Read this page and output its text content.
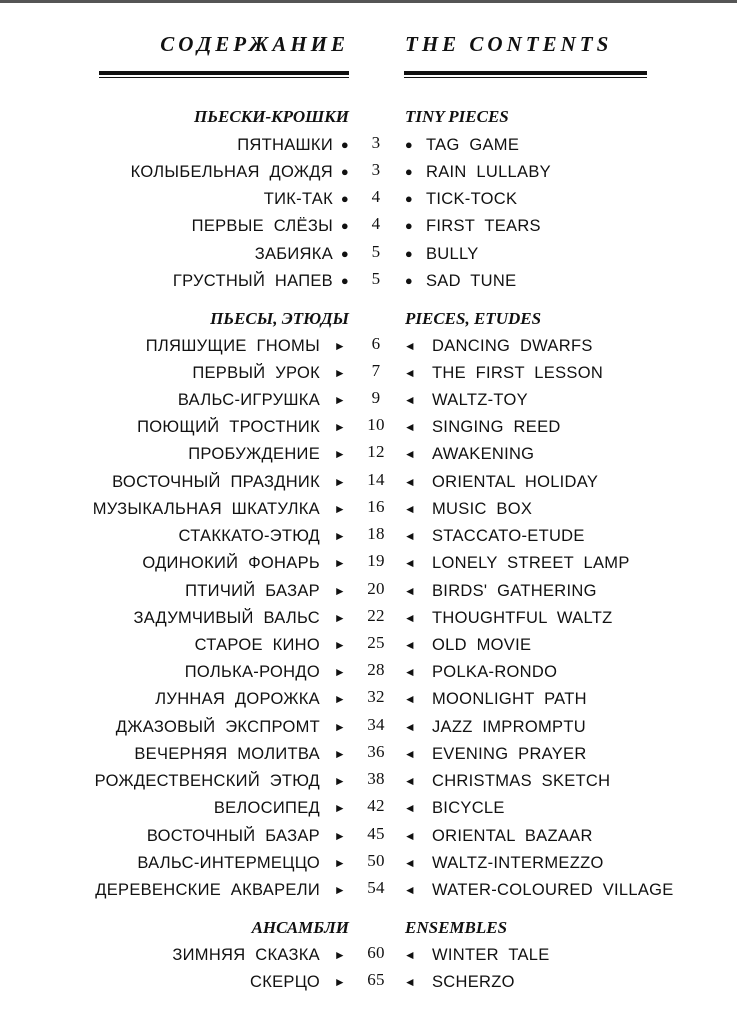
СОДЕРЖАНИЕ	THE CONTENTS
ПЬЕСКИ-КРОШКИ	TINY PIECES
ПЯТНАШКИ ●	3	● TAG  GAME
КОЛЫБЕЛЬНАЯ  ДОЖДЯ ●	3	● RAIN  LULLABY
ТИК-ТАК ●	4	● TICK-TOCK
ПЕРВЫЕ  СЛЁЗЫ ●	4	● FIRST  TEARS
ЗАБИЯКА ●	5	● BULLY
ГРУСТНЫЙ  НАПЕВ ●	5	● SAD  TUNE
ПЬЕСЫ, ЭТЮДЫ	PIECES, ETUDES
ПЛЯШУЩИЕ  ГНОМЫ ►	6	◄ DANCING  DWARFS
ПЕРВЫЙ  УРОК ►	7	◄ THE  FIRST  LESSON
ВАЛЬС-ИГРУШКА ►	9	◄ WALTZ-TOY
ПОЮЩИЙ  ТРОСТНИК ►	10	◄ SINGING  REED
ПРОБУЖДЕНИЕ ►	12	◄ AWAKENING
ВОСТОЧНЫЙ  ПРАЗДНИК ►	14	◄ ORIENTAL  HOLIDAY
МУЗЫКАЛЬНАЯ  ШКАТУЛКА ►	16	◄ MUSIC  BOX
СТАККАТО-ЭТЮД ►	18	◄ STACCATO-ETUDE
ОДИНОКИЙ  ФОНАРЬ ►	19	◄ LONELY  STREET  LAMP
ПТИЧИЙ  БАЗАР ►	20	◄ BIRDS'  GATHERING
ЗАДУМЧИВЫЙ  ВАЛЬС ►	22	◄ THOUGHTFUL  WALTZ
СТАРОЕ  КИНО ►	25	◄ OLD  MOVIE
ПОЛЬКА-РОНДО ►	28	◄ POLKA-RONDO
ЛУННАЯ  ДОРОЖКА ►	32	◄ MOONLIGHT  PATH
ДЖАЗОВЫЙ  ЭКСПРОМТ ►	34	◄ JAZZ  IMPROMPTU
ВЕЧЕРНЯЯ  МОЛИТВА ►	36	◄ EVENING  PRAYER
РОЖДЕСТВЕНСКИЙ  ЭТЮД ►	38	◄ CHRISTMAS  SKETCH
ВЕЛОСИПЕД ►	42	◄ BICYCLE
ВОСТОЧНЫЙ  БАЗАР ►	45	◄ ORIENTAL  BAZAAR
ВАЛЬС-ИНТЕРМЕЦЦО ►	50	◄ WALTZ-INTERMEZZO
ДЕРЕВЕНСКИЕ  АКВАРЕЛИ ►	54	◄ WATER-COLOURED  VILLAGE
АНСАМБЛИ	ENSEMBLES
ЗИМНЯЯ  СКАЗКА ►	60	◄ WINTER  TALE
СКЕРЦО ►	65	◄ SCHERZO
